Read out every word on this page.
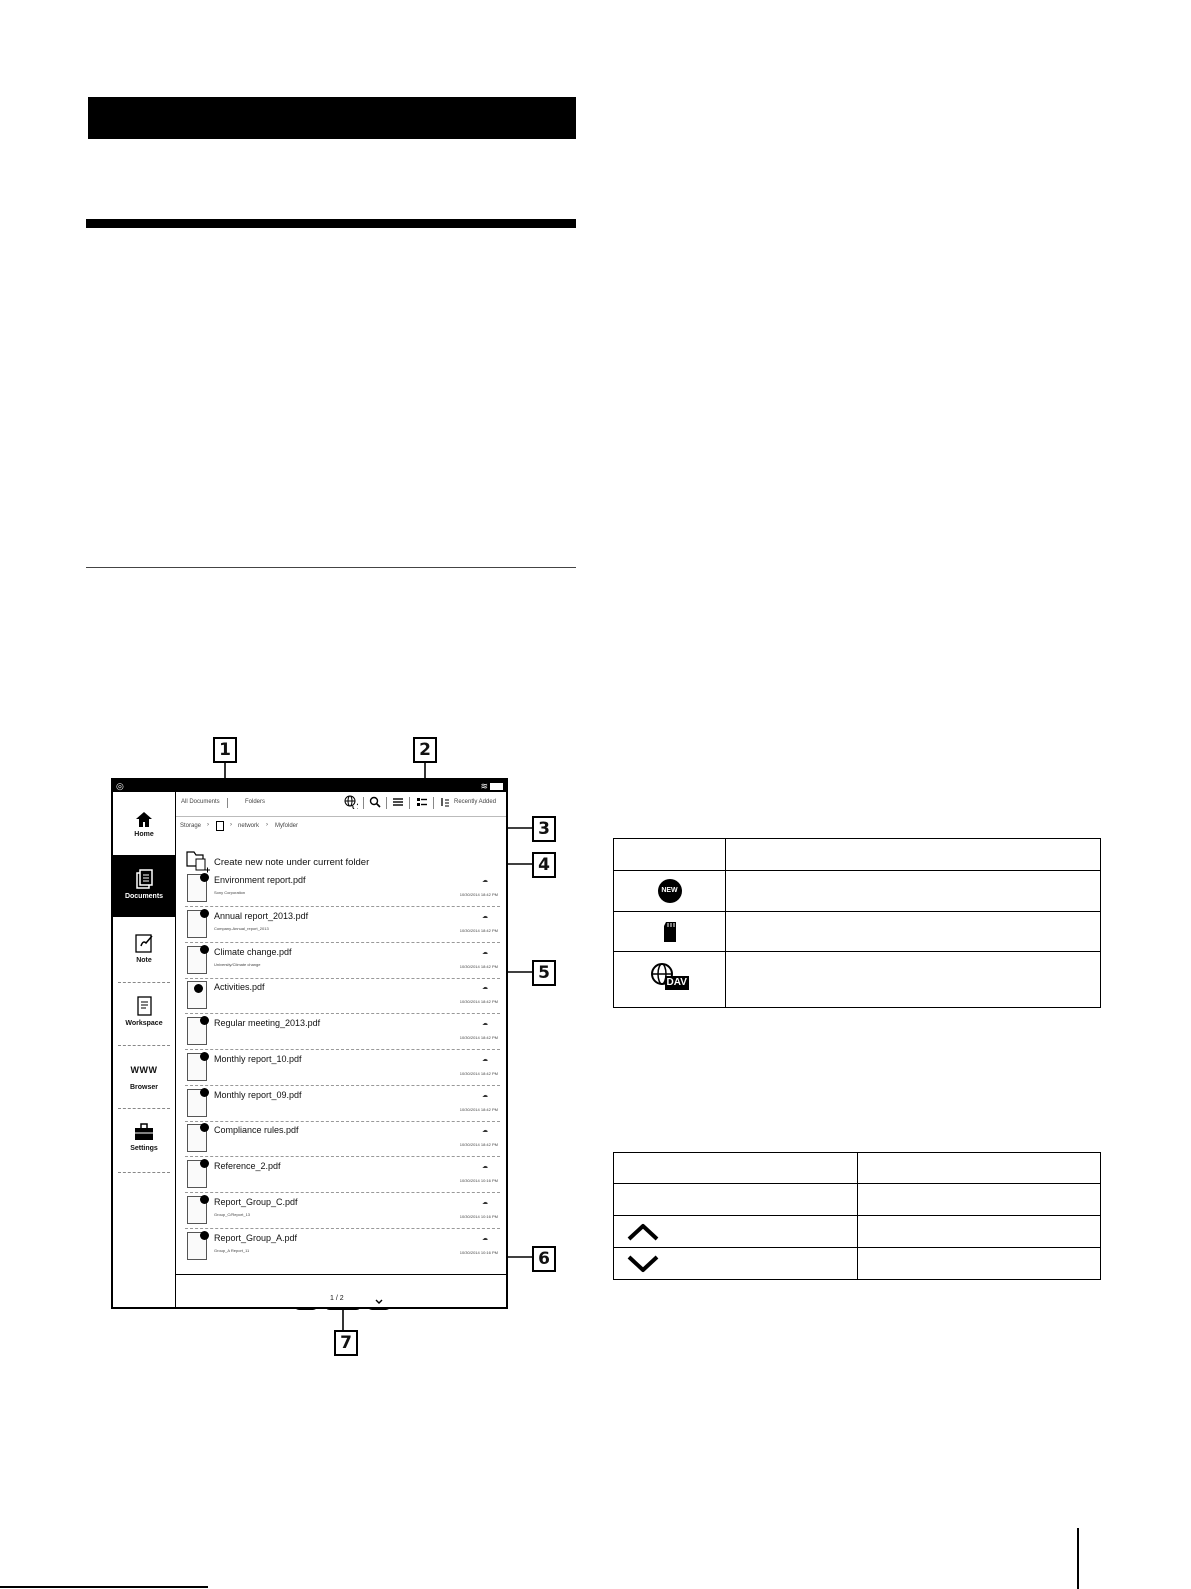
1	2
3
4
5
6
7
◎	≋
Home
Documents
Note
Workspace
WWW
Browser
Settings
All Documents	Folders	Recently Added
Storage ›	› network › Myfolder
Create new note under current folder
Environment report.pdf
Sony Corporation
☁
10/30/2014 18:42 PM
Annual report_2013.pdf
Company-Annual_report_2013
☁
10/30/2014 18:42 PM
Climate change.pdf
University/Climate change
☁
10/30/2014 18:42 PM
Activities.pdf	☁
10/30/2014 18:42 PM
Regular meeting_2013.pdf	☁
10/30/2014 18:42 PM
Monthly report_10.pdf	☁
10/30/2014 18:42 PM
Monthly report_09.pdf	☁
10/30/2014 18:42 PM
Compliance rules.pdf	☁
10/30/2014 18:42 PM
Reference_2.pdf	☁
10/30/2014 10:16 PM
Report_Group_C.pdf
Group_C/Report_13
☁
10/30/2014 10:16 PM
Report_Group_A.pdf
Group_A Report_11
☁
10/30/2014 10:16 PM
1 / 2

NEW	

DAV	
